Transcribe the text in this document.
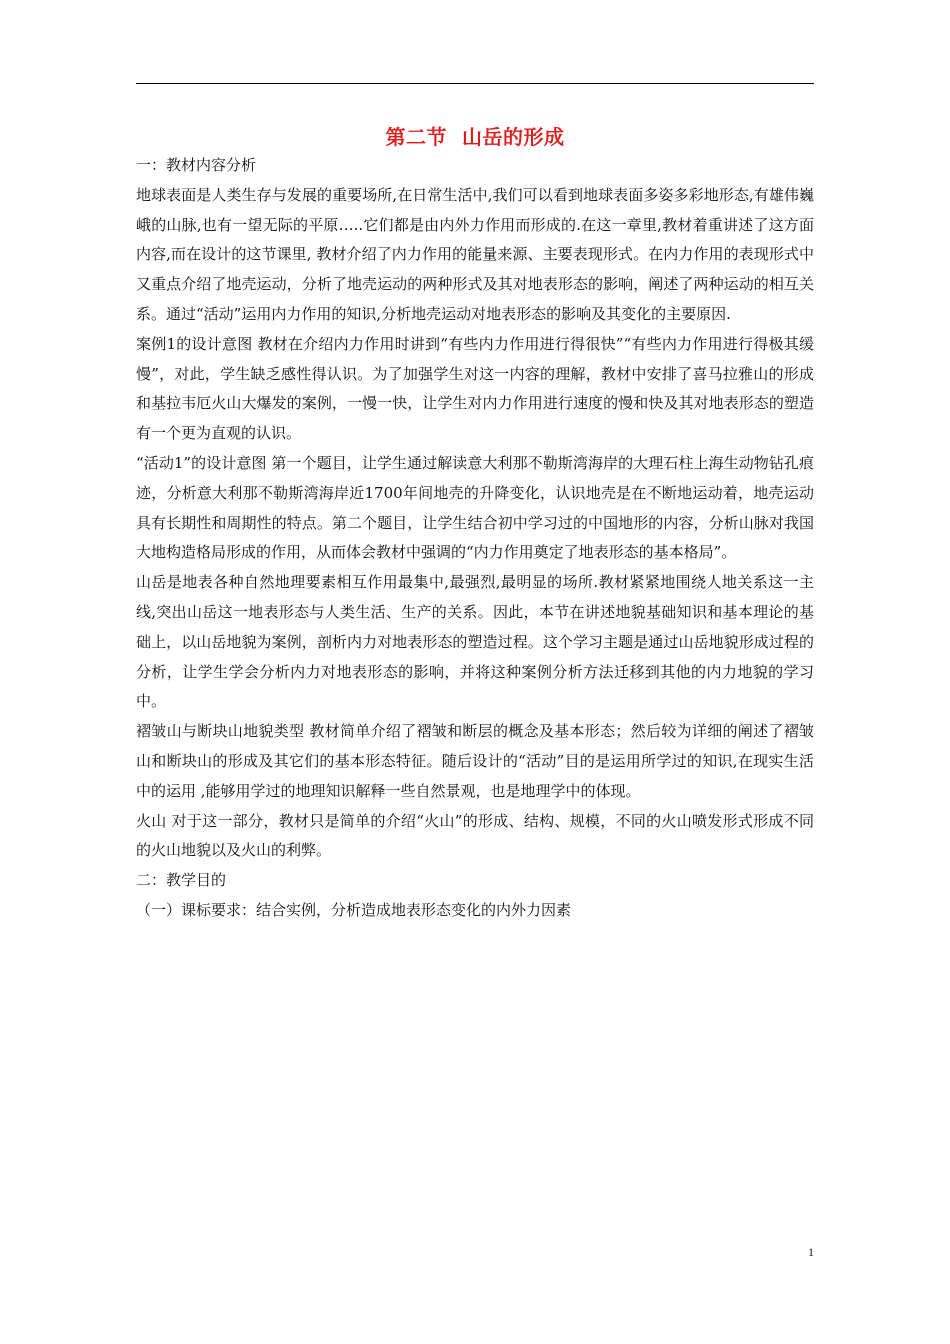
第二节  山岳的形成

一：教材内容分析

地球表面是人类生存与发展的重要场所,在日常生活中,我们可以看到地球表面多姿多彩地形态,有雄伟巍峨的山脉,也有一望无际的平原…..它们都是由内外力作用而形成的.在这一章里,教材着重讲述了这方面内容,而在设计的这节课里, 教材介绍了内力作用的能量来源、主要表现形式。在内力作用的表现形式中又重点介绍了地壳运动，分析了地壳运动的两种形式及其对地表形态的影响，阐述了两种运动的相互关系。通过“活动”运用内力作用的知识,分析地壳运动对地表形态的影响及其变化的主要原因.

案例1的设计意图 教材在介绍内力作用时讲到“有些内力作用进行得很快”“有些内力作用进行得极其缓慢”，对此，学生缺乏感性得认识。为了加强学生对这一内容的理解，教材中安排了喜马拉雅山的形成和基拉韦厄火山大爆发的案例，一慢一快，让学生对内力作用进行速度的慢和快及其对地表形态的塑造有一个更为直观的认识。

“活动1”的设计意图 第一个题目，让学生通过解读意大利那不勒斯湾海岸的大理石柱上海生动物钻孔痕迹，分析意大利那不勒斯湾海岸近1700年间地壳的升降变化，认识地壳是在不断地运动着，地壳运动具有长期性和周期性的特点。第二个题目，让学生结合初中学习过的中国地形的内容，分析山脉对我国大地构造格局形成的作用，从而体会教材中强调的“内力作用奠定了地表形态的基本格局”。

山岳是地表各种自然地理要素相互作用最集中,最强烈,最明显的场所.教材紧紧地围绕人地关系这一主线,突出山岳这一地表形态与人类生活、生产的关系。因此，本节在讲述地貌基础知识和基本理论的基础上，以山岳地貌为案例，剖析内力对地表形态的塑造过程。这个学习主题是通过山岳地貌形成过程的分析，让学生学会分析内力对地表形态的影响，并将这种案例分析方法迁移到其他的内力地貌的学习中。

褶皱山与断块山地貌类型 教材简单介绍了褶皱和断层的概念及基本形态；然后较为详细的阐述了褶皱山和断块山的形成及其它们的基本形态特征。随后设计的“活动”目的是运用所学过的知识,在现实生活中的运用 ,能够用学过的地理知识解释一些自然景观，也是地理学中的体现。

火山 对于这一部分，教材只是简单的介绍“火山”的形成、结构、规模，不同的火山喷发形式形成不同的火山地貌以及火山的利弊。

二：教学目的

（一）课标要求：结合实例，分析造成地表形态变化的内外力因素

1
